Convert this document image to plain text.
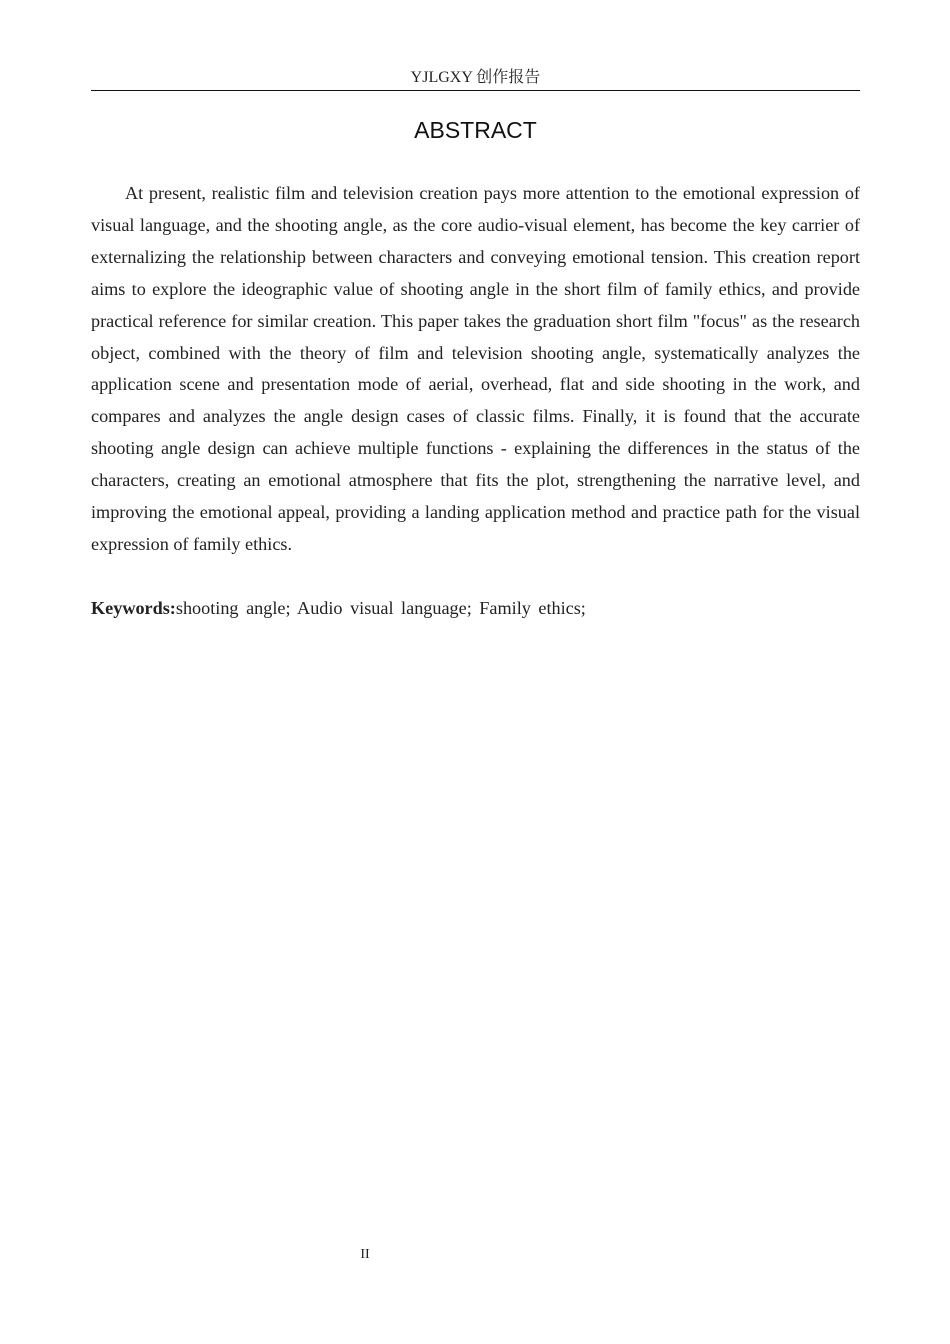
YJLGXY 创作报告
ABSTRACT

At present, realistic film and television creation pays more attention to the emotional expression of visual language, and the shooting angle, as the core audio-visual element, has become the key carrier of externalizing the relationship between characters and conveying emotional tension. This creation report aims to explore the ideographic value of shooting angle in the short film of family ethics, and provide practical reference for similar creation. This paper takes the graduation short film "focus" as the research object, combined with the theory of film and television shooting angle, systematically analyzes the application scene and presentation mode of aerial, overhead, flat and side shooting in the work, and compares and analyzes the angle design cases of classic films. Finally, it is found that the accurate shooting angle design can achieve multiple functions - explaining the differences in the status of the characters, creating an emotional atmosphere that fits the plot, strengthening the narrative level, and improving the emotional appeal, providing a landing application method and practice path for the visual expression of family ethics.

Keywords:shooting angle; Audio visual language; Family ethics;

II
